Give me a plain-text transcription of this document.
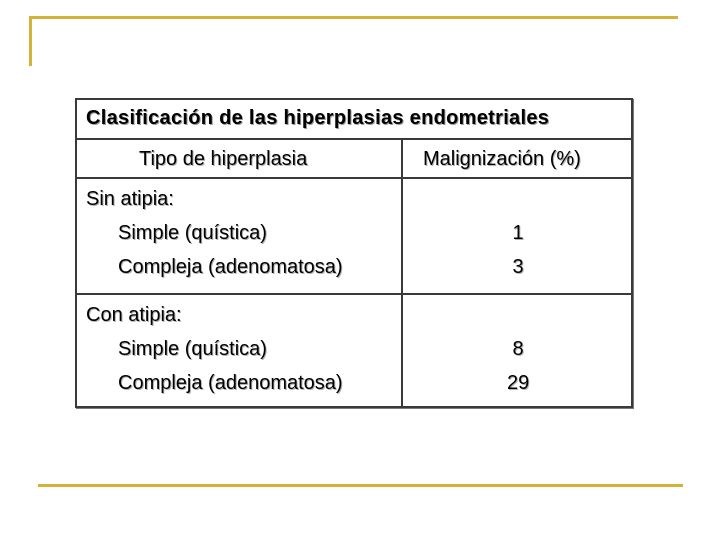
Clasificación de las hiperplasias endometriales
Tipo de hiperplasia	Malignización (%)
Sin atipia:
Simple (quística)	1
Compleja (adenomatosa)	3
Con atipia:
Simple (quística)	8
Compleja (adenomatosa)	29
